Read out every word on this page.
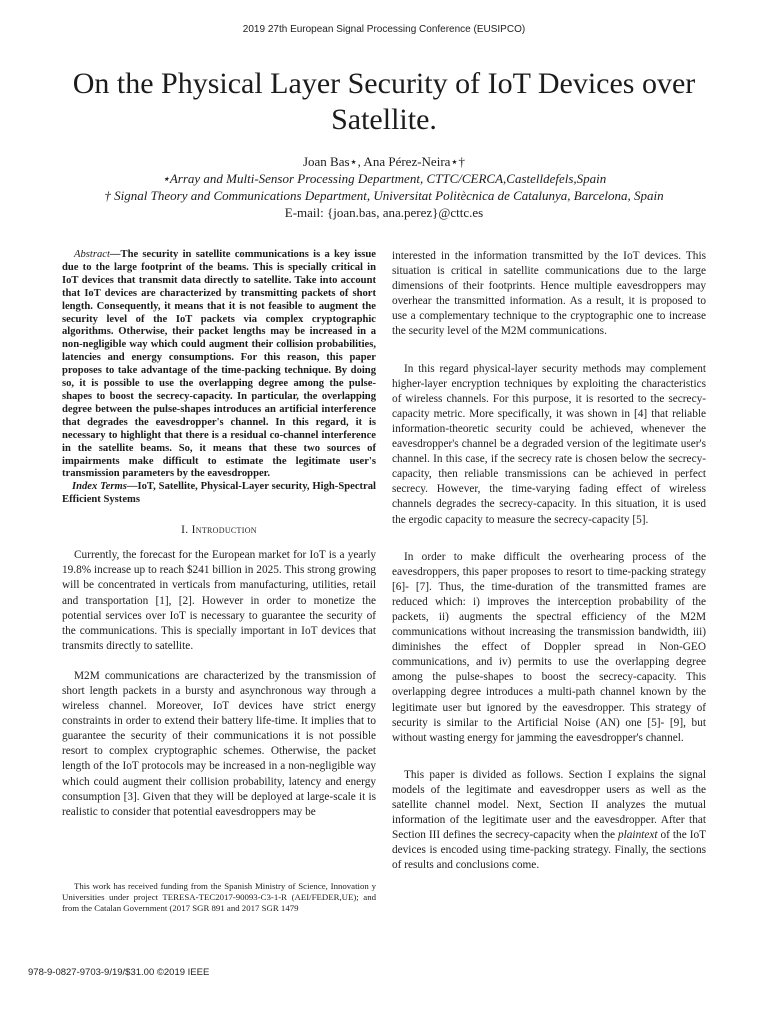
2019 27th European Signal Processing Conference (EUSIPCO)
On the Physical Layer Security of IoT Devices over Satellite.
Joan Bas⋆, Ana Pérez-Neira⋆†
⋆Array and Multi-Sensor Processing Department, CTTC/CERCA,Castelldefels,Spain
† Signal Theory and Communications Department, Universitat Politècnica de Catalunya, Barcelona, Spain
E-mail: {joan.bas, ana.perez}@cttc.es

Abstract—The security in satellite communications is a key issue due to the large footprint of the beams. This is specially critical in IoT devices that transmit data directly to satellite. Take into account that IoT devices are characterized by transmitting packets of short length. Consequently, it means that it is not feasible to augment the security level of the IoT packets via complex cryptographic algorithms. Otherwise, their packet lengths may be increased in a non-negligible way which could augment their collision probabilities, latencies and energy consumptions. For this reason, this paper proposes to take advantage of the time-packing technique. By doing so, it is possible to use the overlapping degree among the pulse-shapes to boost the secrecy-capacity. In particular, the overlapping degree between the pulse-shapes introduces an artificial interference that degrades the eavesdropper's channel. In this regard, it is necessary to highlight that there is a residual co-channel interference in the satellite beams. So, it means that these two sources of impairments make difficult to estimate the legitimate user's transmission parameters by the eavesdropper.

Index Terms—IoT, Satellite, Physical-Layer security, High-Spectral Efficient Systems

I. Introduction

Currently, the forecast for the European market for IoT is a yearly 19.8% increase up to reach $241 billion in 2025. This strong growing will be concentrated in verticals from manufacturing, utilities, retail and transportation [1], [2]. However in order to monetize the potential services over IoT is necessary to guarantee the security of the communications. This is specially important in IoT devices that transmits directly to satellite.

M2M communications are characterized by the transmission of short length packets in a bursty and asynchronous way through a wireless channel. Moreover, IoT devices have strict energy constraints in order to extend their battery life-time. It implies that to guarantee the security of their communications it is not possible resort to complex cryptographic schemes. Otherwise, the packet length of the IoT protocols may be increased in a non-negligible way which could augment their collision probability, latency and energy consumption [3]. Given that they will be deployed at large-scale it is realistic to consider that potential eavesdroppers may be

interested in the information transmitted by the IoT devices. This situation is critical in satellite communications due to the large dimensions of their footprints. Hence multiple eavesdroppers may overhear the transmitted information. As a result, it is proposed to use a complementary technique to the cryptographic one to increase the security level of the M2M communications.

In this regard physical-layer security methods may complement higher-layer encryption techniques by exploiting the characteristics of wireless channels. For this purpose, it is resorted to the secrecy-capacity metric. More specifically, it was shown in [4] that reliable information-theoretic security could be achieved, whenever the eavesdropper's channel be a degraded version of the legitimate user's channel. In this case, if the secrecy rate is chosen below the secrecy-capacity, then reliable transmissions can be achieved in perfect secrecy. However, the time-varying fading effect of wireless channels degrades the secrecy-capacity. In this situation, it is used the ergodic capacity to measure the secrecy-capacity [5].

In order to make difficult the overhearing process of the eavesdroppers, this paper proposes to resort to time-packing strategy [6]- [7]. Thus, the time-duration of the transmitted frames are reduced which: i) improves the interception probability of the packets, ii) augments the spectral efficiency of the M2M communications without increasing the transmission bandwidth, iii) diminishes the effect of Doppler spread in Non-GEO communications, and iv) permits to use the overlapping degree among the pulse-shapes to boost the secrecy-capacity. This overlapping degree introduces a multi-path channel known by the legitimate user but ignored by the eavesdropper. This strategy of security is similar to the Artificial Noise (AN) one [5]- [9], but without wasting energy for jamming the eavesdropper's channel.

This paper is divided as follows. Section I explains the signal models of the legitimate and eavesdropper users as well as the satellite channel model. Next, Section II analyzes the mutual information of the legitimate user and the eavesdropper. After that Section III defines the secrecy-capacity when the plaintext of the IoT devices is encoded using time-packing strategy. Finally, the sections of results and conclusions come.

This work has received funding from the Spanish Ministry of Science, Innovation y Universities under project TERESA-TEC2017-90093-C3-1-R (AEI/FEDER,UE); and from the Catalan Government (2017 SGR 891 and 2017 SGR 1479
978-9-0827-9703-9/19/$31.00 ©2019 IEEE
